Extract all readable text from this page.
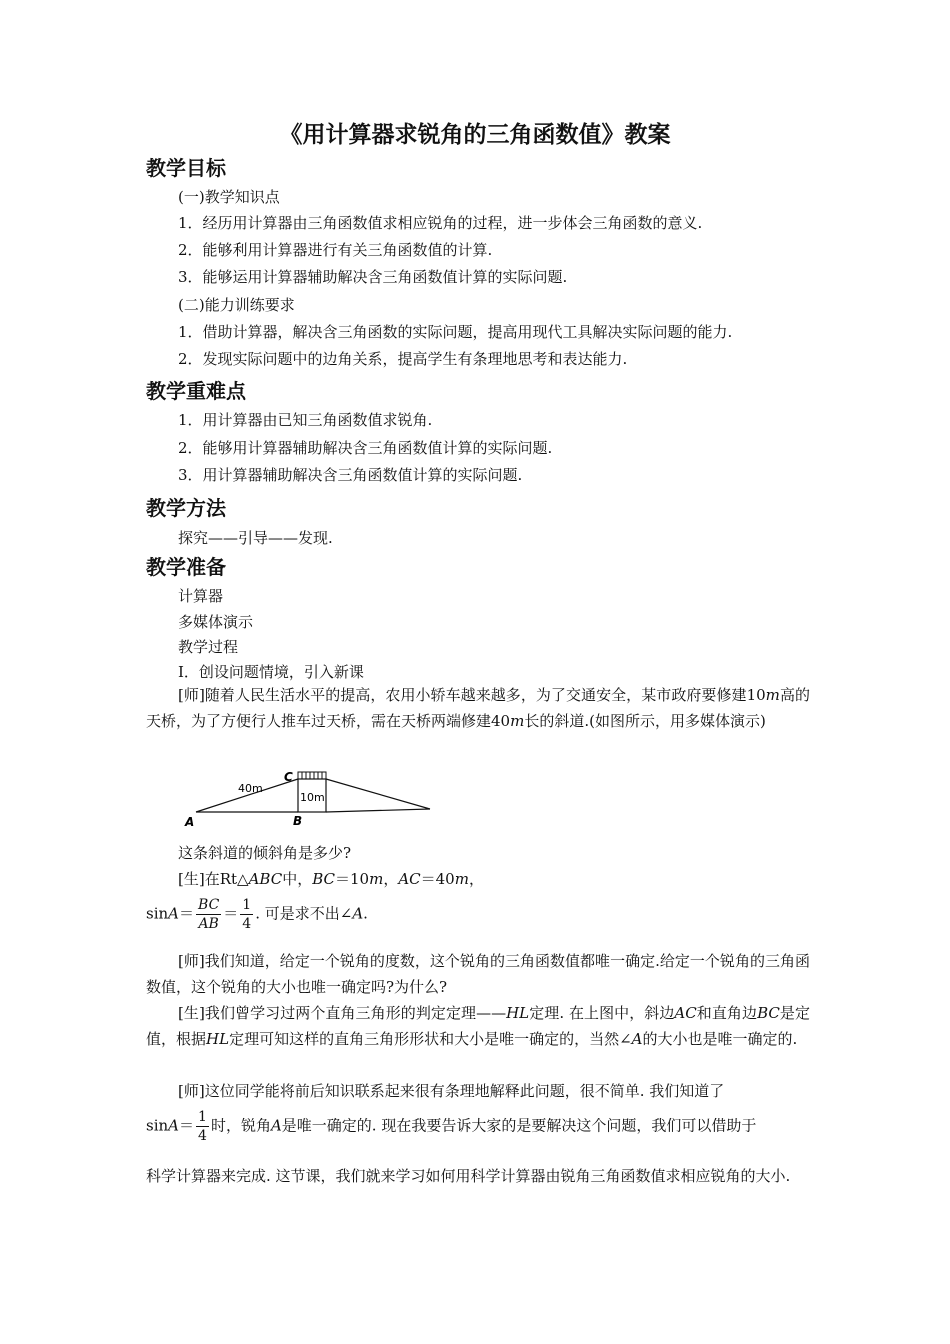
《用计算器求锐角的三角函数值》教案
教学目标
(一)教学知识点
1．经历用计算器由三角函数值求相应锐角的过程，进一步体会三角函数的意义.
2．能够利用计算器进行有关三角函数值的计算.
3．能够运用计算器辅助解决含三角函数值计算的实际问题.
(二)能力训练要求
1．借助计算器，解决含三角函数的实际问题，提高用现代工具解决实际问题的能力.
2．发现实际问题中的边角关系，提高学生有条理地思考和表达能力.
教学重难点
1．用计算器由已知三角函数值求锐角.
2．能够用计算器辅助解决含三角函数值计算的实际问题.
3．用计算器辅助解决含三角函数值计算的实际问题.
教学方法
探究——引导——发现.
教学准备
计算器
多媒体演示
教学过程
Ⅰ．创设问题情境，引入新课
[师]随着人民生活水平的提高，农用小轿车越来越多，为了交通安全，某市政府要修建10m高的天桥，为了方便行人推车过天桥，需在天桥两端修建40m长的斜道.(如图所示，用多媒体演示)
40m
10m
A	B
C
这条斜道的倾斜角是多少?
[生]在Rt△ABC中，BC＝10m，AC＝40m，
$\sin A= \frac{BC}{AB} = \frac{1}{4}$ . 可是求不出∠A.
[师]我们知道，给定一个锐角的度数，这个锐角的三角函数值都唯一确定.给定一个锐角的三角函数值，这个锐角的大小也唯一确定吗?为什么?
[生]我们曾学习过两个直角三角形的判定定理——HL定理. 在上图中，斜边AC和直角边BC是定值，根据HL定理可知这样的直角三角形形状和大小是唯一确定的，当然∠A的大小也是唯一确定的.
[师]这位同学能将前后知识联系起来很有条理地解释此问题，很不简单. 我们知道了
$\sin A= \frac{1}{4}$ 时，锐角A是唯一确定的. 现在我要告诉大家的是要解决这个问题，我们可以借助于
科学计算器来完成. 这节课，我们就来学习如何用科学计算器由锐角三角函数值求相应锐角的大小.
